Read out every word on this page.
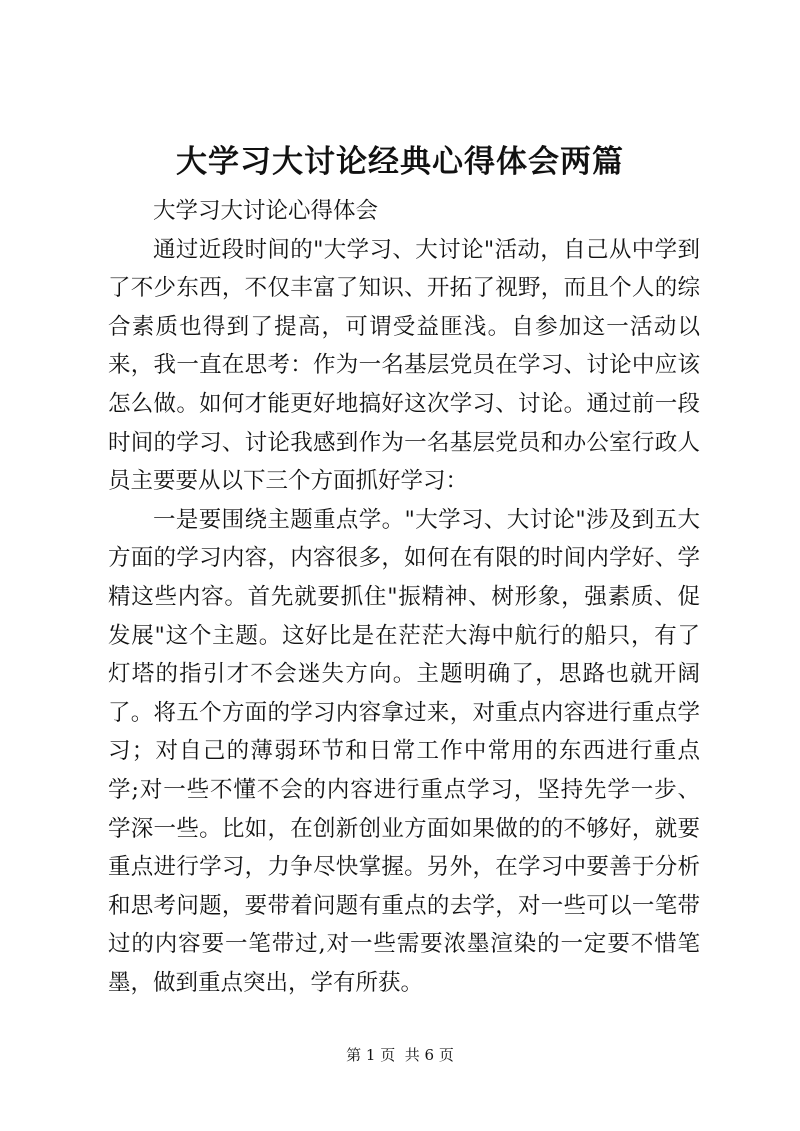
大学习大讨论经典心得体会两篇

大学习大讨论心得体会

通过近段时间的"大学习、大讨论"活动，自己从中学到了不少东西，不仅丰富了知识、开拓了视野，而且个人的综合素质也得到了提高，可谓受益匪浅。自参加这一活动以来，我一直在思考：作为一名基层党员在学习、讨论中应该怎么做。如何才能更好地搞好这次学习、讨论。通过前一段时间的学习、讨论我感到作为一名基层党员和办公室行政人员主要要从以下三个方面抓好学习：

一是要围绕主题重点学。"大学习、大讨论"涉及到五大方面的学习内容，内容很多，如何在有限的时间内学好、学精这些内容。首先就要抓住"振精神、树形象，强素质、促发展"这个主题。这好比是在茫茫大海中航行的船只，有了灯塔的指引才不会迷失方向。主题明确了，思路也就开阔了。将五个方面的学习内容拿过来，对重点内容进行重点学习；对自己的薄弱环节和日常工作中常用的东西进行重点学;对一些不懂不会的内容进行重点学习，坚持先学一步、学深一些。比如，在创新创业方面如果做的的不够好，就要重点进行学习，力争尽快掌握。另外，在学习中要善于分析和思考问题，要带着问题有重点的去学，对一些可以一笔带过的内容要一笔带过,对一些需要浓墨渲染的一定要不惜笔墨，做到重点突出，学有所获。

第 1 页  共 6 页
